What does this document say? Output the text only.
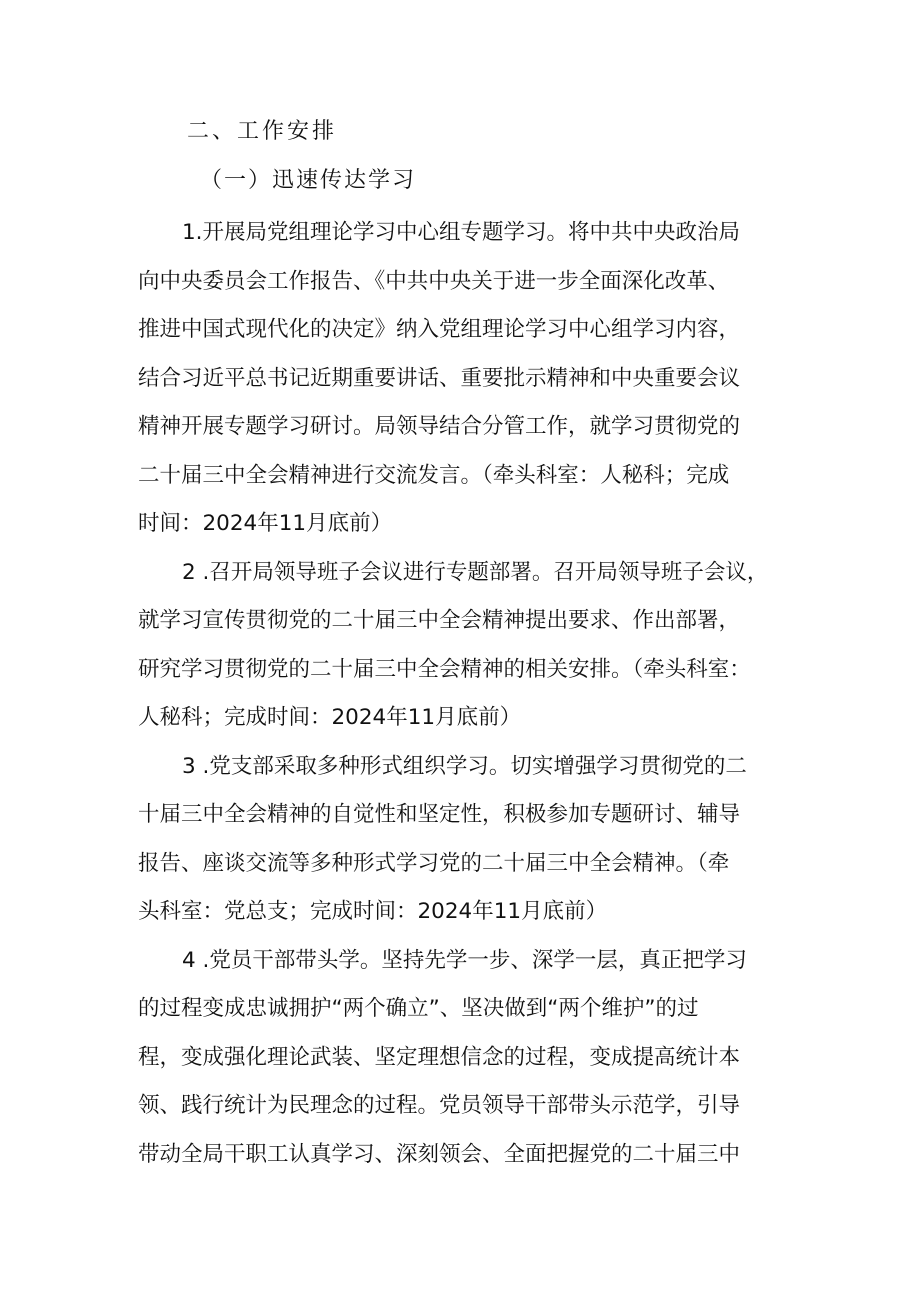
二、工作安排
（一）迅速传达学习
1.开展局党组理论学习中心组专题学习。将中共中央政治局
向中央委员会工作报告、《中共中央关于进一步全面深化改革、
推进中国式现代化的决定》纳入党组理论学习中心组学习内容，
结合习近平总书记近期重要讲话、重要批示精神和中央重要会议
精神开展专题学习研讨。局领导结合分管工作，就学习贯彻党的
二十届三中全会精神进行交流发言。（牵头科室：人秘科；完成
时间：2024年11月底前）
2 .召开局领导班子会议进行专题部署。召开局领导班子会议，
就学习宣传贯彻党的二十届三中全会精神提出要求、作出部署，
研究学习贯彻党的二十届三中全会精神的相关安排。（牵头科室：
人秘科；完成时间：2024年11月底前）
3 .党支部采取多种形式组织学习。切实增强学习贯彻党的二
十届三中全会精神的自觉性和坚定性，积极参加专题研讨、辅导
报告、座谈交流等多种形式学习党的二十届三中全会精神。（牵
头科室：党总支；完成时间：2024年11月底前）
4 .党员干部带头学。坚持先学一步、深学一层，真正把学习
的过程变成忠诚拥护“两个确立”、坚决做到“两个维护”的过
程，变成强化理论武装、坚定理想信念的过程，变成提高统计本
领、践行统计为民理念的过程。党员领导干部带头示范学，引导
带动全局干职工认真学习、深刻领会、全面把握党的二十届三中
